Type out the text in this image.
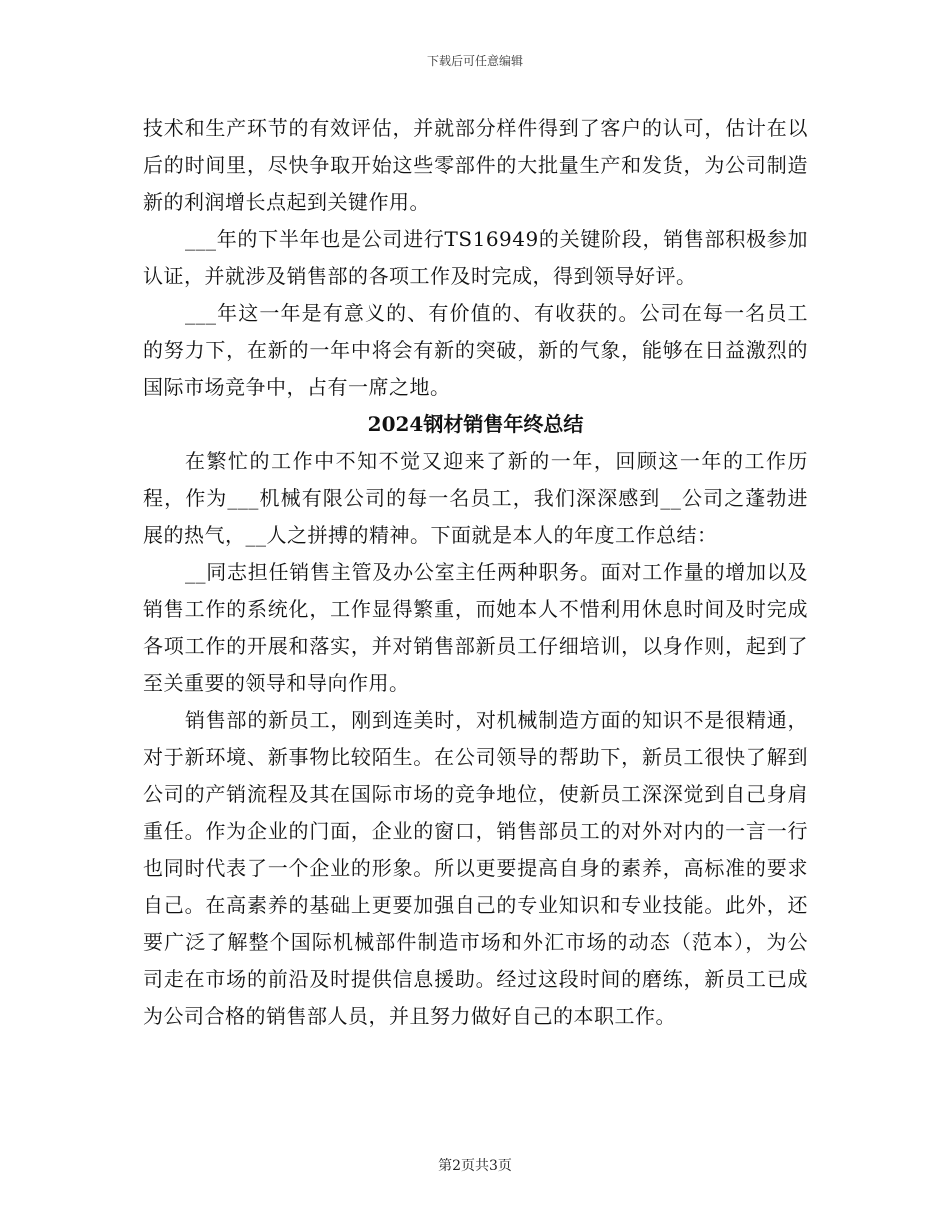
下载后可任意编辑

技术和生产环节的有效评估，并就部分样件得到了客户的认可，估计在以后的时间里，尽快争取开始这些零部件的大批量生产和发货，为公司制造新的利润增长点起到关键作用。

___年的下半年也是公司进行TS16949的关键阶段，销售部积极参加认证，并就涉及销售部的各项工作及时完成，得到领导好评。

___年这一年是有意义的、有价值的、有收获的。公司在每一名员工的努力下，在新的一年中将会有新的突破，新的气象，能够在日益激烈的国际市场竞争中，占有一席之地。

2024钢材销售年终总结

在繁忙的工作中不知不觉又迎来了新的一年，回顾这一年的工作历程，作为___机械有限公司的每一名员工，我们深深感到__公司之蓬勃进展的热气，__人之拼搏的精神。下面就是本人的年度工作总结：

__同志担任销售主管及办公室主任两种职务。面对工作量的增加以及销售工作的系统化，工作显得繁重，而她本人不惜利用休息时间及时完成各项工作的开展和落实，并对销售部新员工仔细培训，以身作则，起到了至关重要的领导和导向作用。

销售部的新员工，刚到连美时，对机械制造方面的知识不是很精通，对于新环境、新事物比较陌生。在公司领导的帮助下，新员工很快了解到公司的产销流程及其在国际市场的竞争地位，使新员工深深觉到自己身肩重任。作为企业的门面，企业的窗口，销售部员工的对外对内的一言一行也同时代表了一个企业的形象。所以更要提高自身的素养，高标准的要求自己。在高素养的基础上更要加强自己的专业知识和专业技能。此外，还要广泛了解整个国际机械部件制造市场和外汇市场的动态（范本），为公司走在市场的前沿及时提供信息援助。经过这段时间的磨练，新员工已成为公司合格的销售部人员，并且努力做好自己的本职工作。

第2页共3页
